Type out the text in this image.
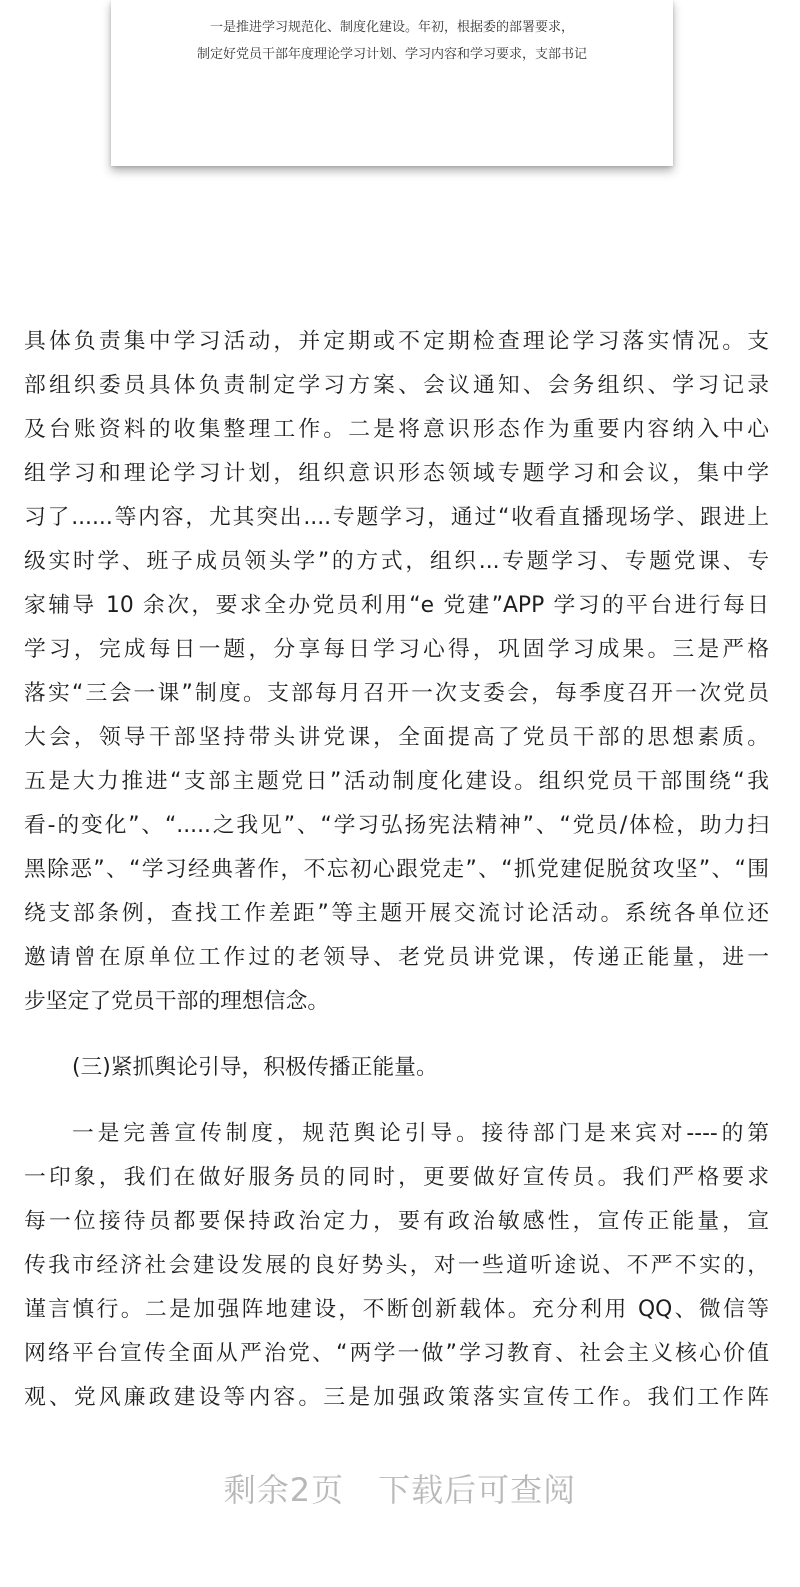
一是推进学习规范化、制度化建设。年初，根据委的部署要求，
制定好党员干部年度理论学习计划、学习内容和学习要求，支部书记
具体负责集中学习活动，并定期或不定期检查理论学习落实情况。支
部组织委员具体负责制定学习方案、会议通知、会务组织、学习记录
及台账资料的收集整理工作。二是将意识形态作为重要内容纳入中心
组学习和理论学习计划，组织意识形态领域专题学习和会议，集中学
习了......等内容，尤其突出....专题学习，通过“收看直播现场学、跟进上
级实时学、班子成员领头学”的方式，组织...专题学习、专题党课、专
家辅导 10 余次，要求全办党员利用“e 党建”APP 学习的平台进行每日
学习，完成每日一题，分享每日学习心得，巩固学习成果。三是严格
落实“三会一课”制度。支部每月召开一次支委会，每季度召开一次党员
大会，领导干部坚持带头讲党课，全面提高了党员干部的思想素质。
五是大力推进“支部主题党日”活动制度化建设。组织党员干部围绕“我
看-的变化”、“.....之我见”、“学习弘扬宪法精神”、“党员/体检，助力扫
黑除恶”、“学习经典著作，不忘初心跟党走”、“抓党建促脱贫攻坚”、“围
绕支部条例，查找工作差距”等主题开展交流讨论活动。系统各单位还
邀请曾在原单位工作过的老领导、老党员讲党课，传递正能量，进一
步坚定了党员干部的理想信念。
(三)紧抓舆论引导，积极传播正能量。
一是完善宣传制度，规范舆论引导。接待部门是来宾对----的第
一印象，我们在做好服务员的同时，更要做好宣传员。我们严格要求
每一位接待员都要保持政治定力，要有政治敏感性，宣传正能量，宣
传我市经济社会建设发展的良好势头，对一些道听途说、不严不实的，
谨言慎行。二是加强阵地建设，不断创新载体。充分利用 QQ、微信等
网络平台宣传全面从严治党、“两学一做”学习教育、社会主义核心价值
观、党风廉政建设等内容。三是加强政策落实宣传工作。我们工作阵
剩余2页 下载后可查阅
